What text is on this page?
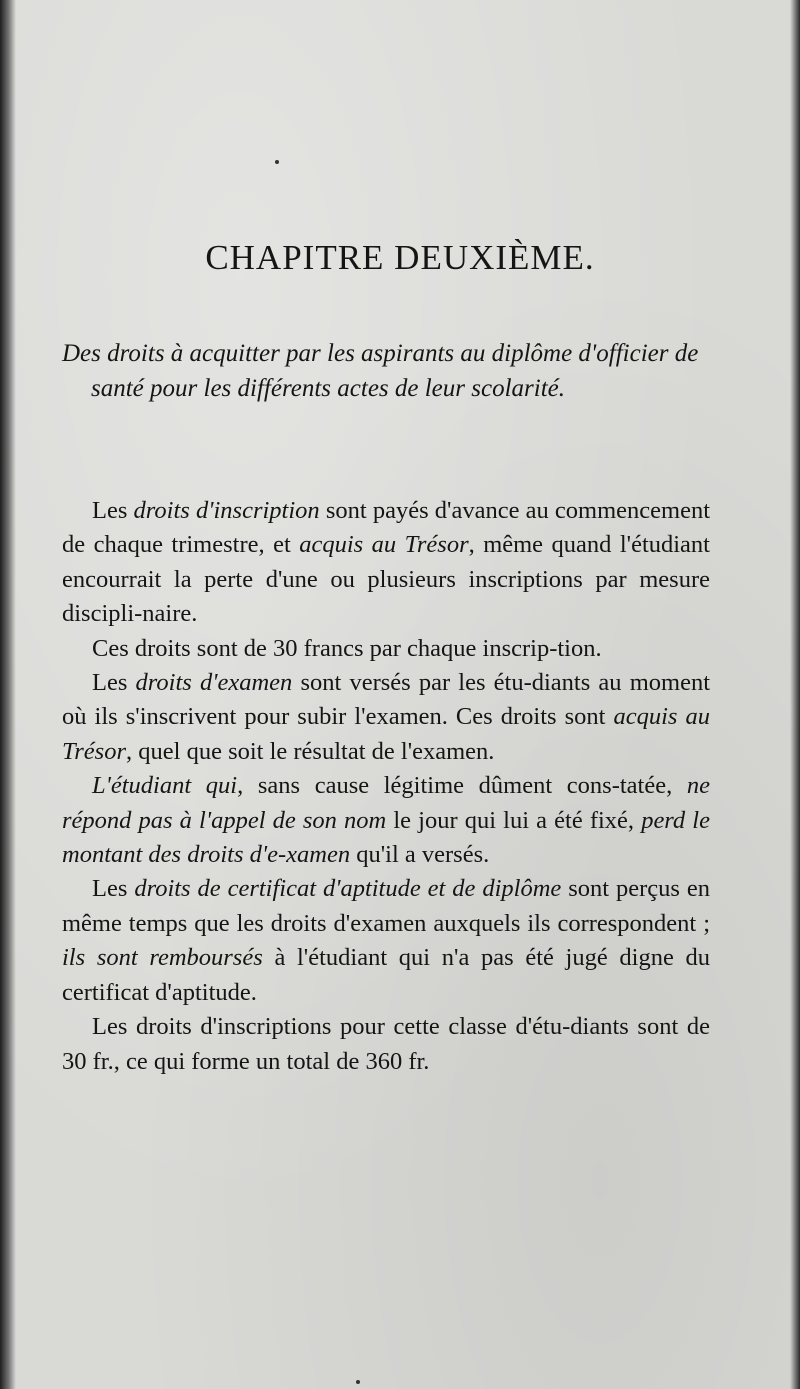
CHAPITRE DEUXIÈME.

Des droits à acquitter par les aspirants au diplôme d'officier de santé pour les différents actes de leur scolarité.

Les droits d'inscription sont payés d'avance au commencement de chaque trimestre, et acquis au Trésor, même quand l'étudiant encourrait la perte d'une ou plusieurs inscriptions par mesure discipli-naire.

Ces droits sont de 30 francs par chaque inscrip-tion.

Les droits d'examen sont versés par les étu-diants au moment où ils s'inscrivent pour subir l'examen. Ces droits sont acquis au Trésor, quel que soit le résultat de l'examen.

L'étudiant qui, sans cause légitime dûment cons-tatée, ne répond pas à l'appel de son nom le jour qui lui a été fixé, perd le montant des droits d'e-xamen qu'il a versés.

Les droits de certificat d'aptitude et de diplôme sont perçus en même temps que les droits d'examen auxquels ils correspondent ; ils sont remboursés à l'étudiant qui n'a pas été jugé digne du certificat d'aptitude.

Les droits d'inscriptions pour cette classe d'étu-diants sont de 30 fr., ce qui forme un total de 360 fr.
